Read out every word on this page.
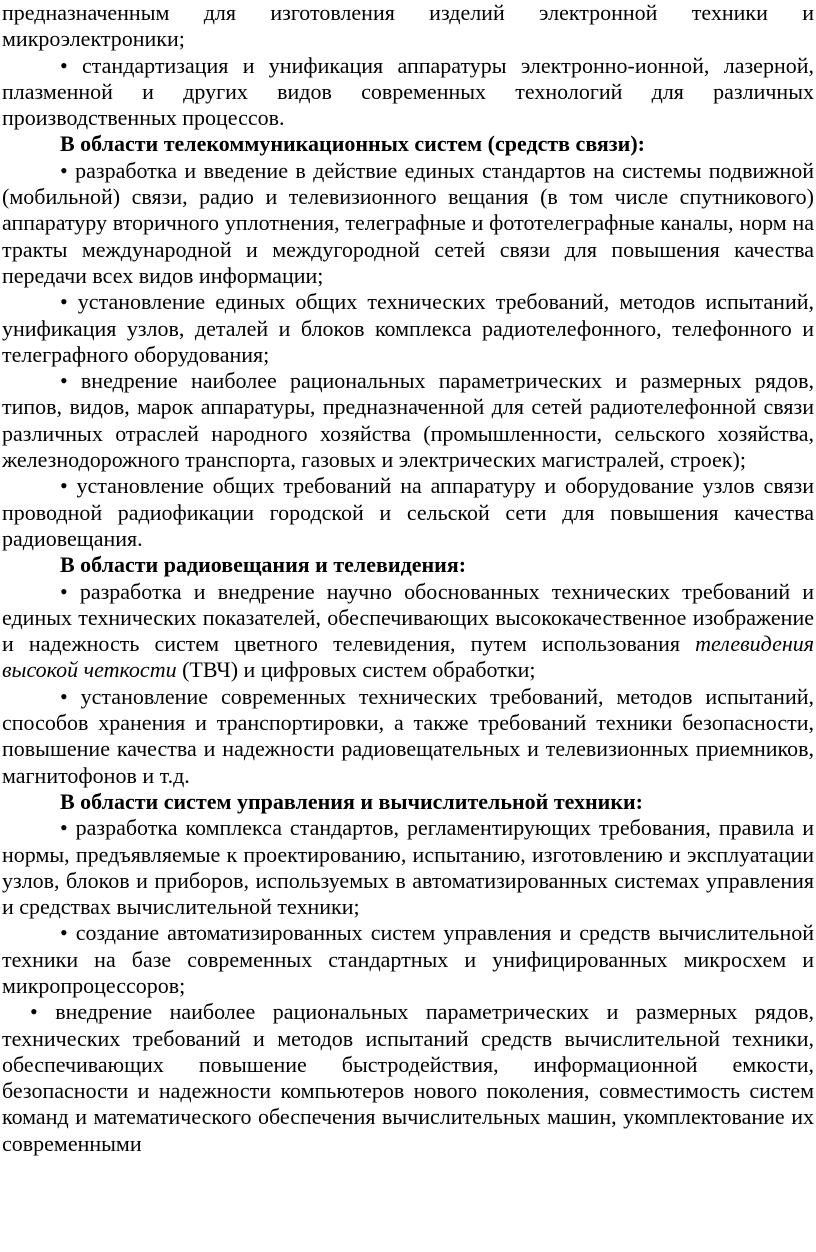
предназначенным для изготовления изделий электронной техники и микроэлектроники;

• стандартизация и унификация аппаратуры электронно-ионной, лазерной, плазменной и других видов современных технологий для различных производственных процессов.

В области телекоммуникационных систем (средств связи):

• разработка и введение в действие единых стандартов на системы подвижной (мобильной) связи, радио и телевизионного вещания (в том числе спутникового) аппаратуру вторичного уплотнения, телеграфные и фототелеграфные каналы, норм на тракты международной и междугородной сетей связи для повышения качества передачи всех видов информации;

• установление единых общих технических требований, методов испытаний, унификация узлов, деталей и блоков комплекса радиотелефонного, телефонного и телеграфного оборудования;

• внедрение наиболее рациональных параметрических и размерных рядов, типов, видов, марок аппаратуры, предназначенной для сетей радиотелефонной связи различных отраслей народного хозяйства (промышленности, сельского хозяйства, железнодорожного транспорта, газовых и электрических магистралей, строек);

• установление общих требований на аппаратуру и оборудование узлов связи проводной радиофикации городской и сельской сети для повышения качества радиовещания.

В области радиовещания и телевидения:

• разработка и внедрение научно обоснованных технических требований и единых технических показателей, обеспечивающих высококачественное изображение и надежность систем цветного телевидения, путем использования телевидения высокой четкости (ТВЧ) и цифровых систем обработки;

• установление современных технических требований, методов испытаний, способов хранения и транспортировки, а также требований техники безопасности, повышение качества и надежности радиовещательных и телевизионных приемников, магнитофонов и т.д.

В области систем управления и вычислительной техники:

• разработка комплекса стандартов, регламентирующих требования, правила и нормы, предъявляемые к проектированию, испытанию, изготовлению и эксплуатации узлов, блоков и приборов, используемых в автоматизированных системах управления и средствах вычислительной техники;

• создание автоматизированных систем управления и средств вычислительной техники на базе современных стандартных и унифицированных микросхем и микропроцессоров;

• внедрение наиболее рациональных параметрических и размерных рядов, технических требований и методов испытаний средств вычислительной техники, обеспечивающих повышение быстродействия, информационной емкости, безопасности и надежности компьютеров нового поколения, совместимость систем команд и математического обеспечения вычислительных машин, укомплектование их современными
